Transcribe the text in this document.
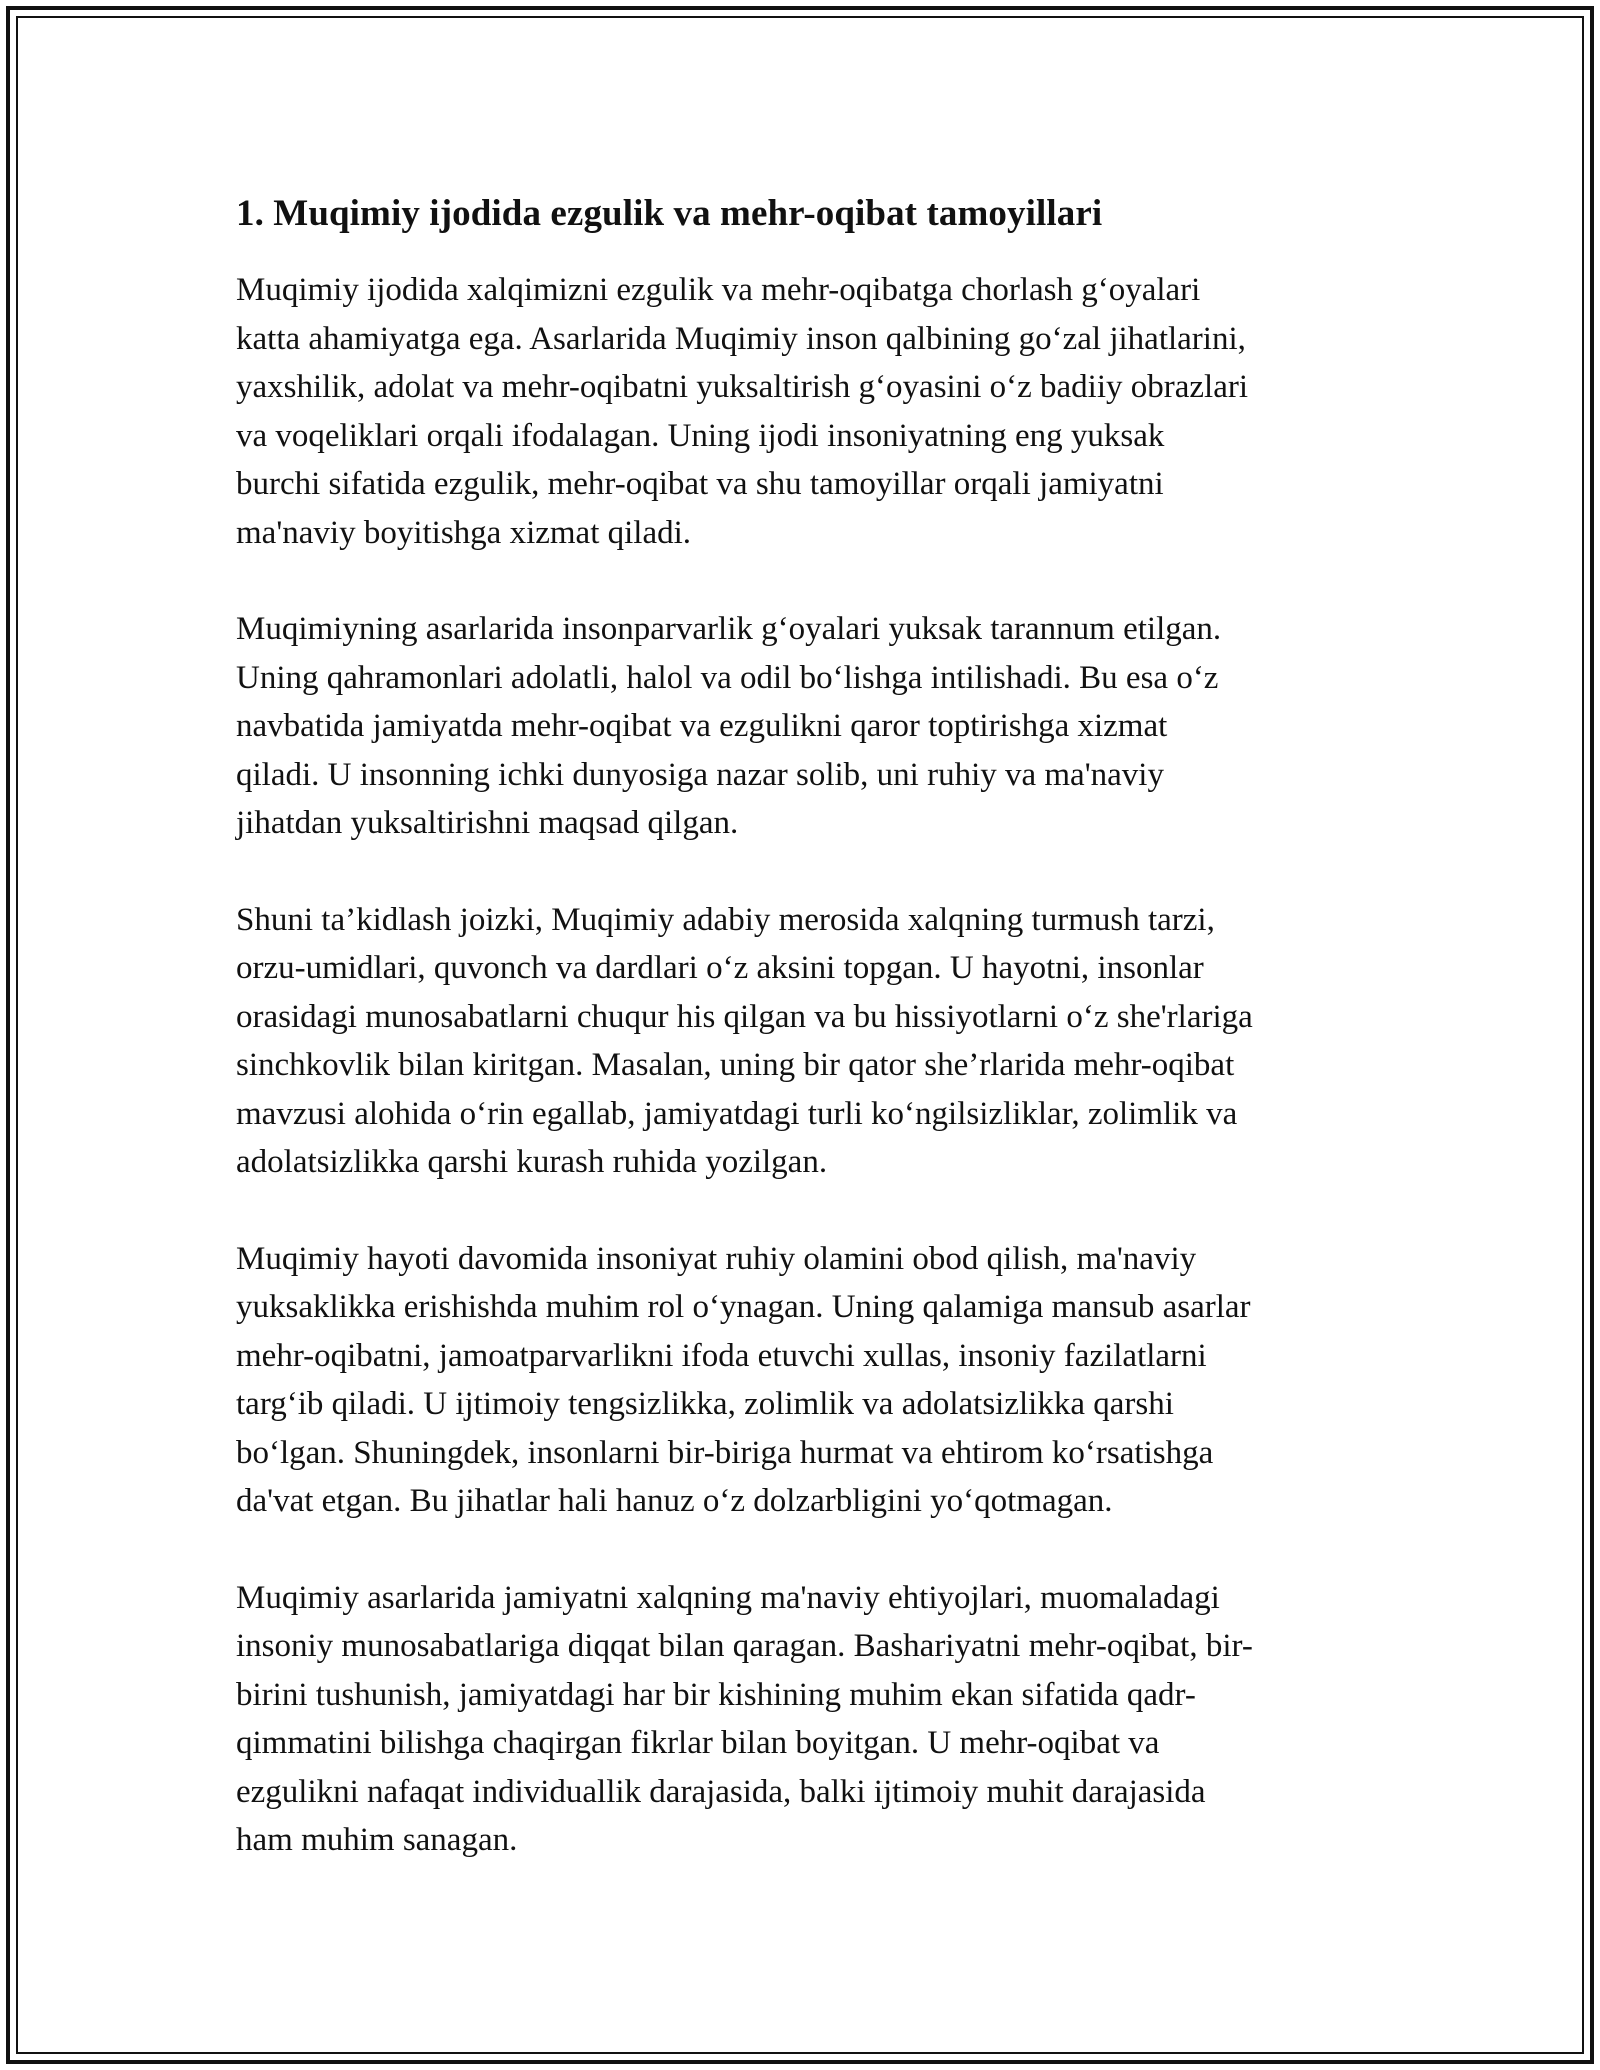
1. Muqimiy ijodida ezgulik va mehr-oqibat tamoyillari

Muqimiy ijodida xalqimizni ezgulik va mehr-oqibatga chorlash g‘oyalari
katta ahamiyatga ega. Asarlarida Muqimiy inson qalbining go‘zal jihatlarini,
yaxshilik, adolat va mehr-oqibatni yuksaltirish g‘oyasini o‘z badiiy obrazlari
va voqeliklari orqali ifodalagan. Uning ijodi insoniyatning eng yuksak
burchi sifatida ezgulik, mehr-oqibat va shu tamoyillar orqali jamiyatni
ma'naviy boyitishga xizmat qiladi.

Muqimiyning asarlarida insonparvarlik g‘oyalari yuksak tarannum etilgan.
Uning qahramonlari adolatli, halol va odil bo‘lishga intilishadi. Bu esa o‘z
navbatida jamiyatda mehr-oqibat va ezgulikni qaror toptirishga xizmat
qiladi. U insonning ichki dunyosiga nazar solib, uni ruhiy va ma'naviy
jihatdan yuksaltirishni maqsad qilgan.

Shuni ta’kidlash joizki, Muqimiy adabiy merosida xalqning turmush tarzi,
orzu-umidlari, quvonch va dardlari o‘z aksini topgan. U hayotni, insonlar
orasidagi munosabatlarni chuqur his qilgan va bu hissiyotlarni o‘z she'rlariga
sinchkovlik bilan kiritgan. Masalan, uning bir qator she’rlarida mehr-oqibat
mavzusi alohida o‘rin egallab, jamiyatdagi turli ko‘ngilsizliklar, zolimlik va
adolatsizlikka qarshi kurash ruhida yozilgan.

Muqimiy hayoti davomida insoniyat ruhiy olamini obod qilish, ma'naviy
yuksaklikka erishishda muhim rol o‘ynagan. Uning qalamiga mansub asarlar
mehr-oqibatni, jamoatparvarlikni ifoda etuvchi xullas, insoniy fazilatlarni
targ‘ib qiladi. U ijtimoiy tengsizlikka, zolimlik va adolatsizlikka qarshi
bo‘lgan. Shuningdek, insonlarni bir-biriga hurmat va ehtirom ko‘rsatishga
da'vat etgan. Bu jihatlar hali hanuz o‘z dolzarbligini yo‘qotmagan.

Muqimiy asarlarida jamiyatni xalqning ma'naviy ehtiyojlari, muomaladagi
insoniy munosabatlariga diqqat bilan qaragan. Bashariyatni mehr-oqibat, bir-
birini tushunish, jamiyatdagi har bir kishining muhim ekan sifatida qadr-
qimmatini bilishga chaqirgan fikrlar bilan boyitgan. U mehr-oqibat va
ezgulikni nafaqat individuallik darajasida, balki ijtimoiy muhit darajasida
ham muhim sanagan.
